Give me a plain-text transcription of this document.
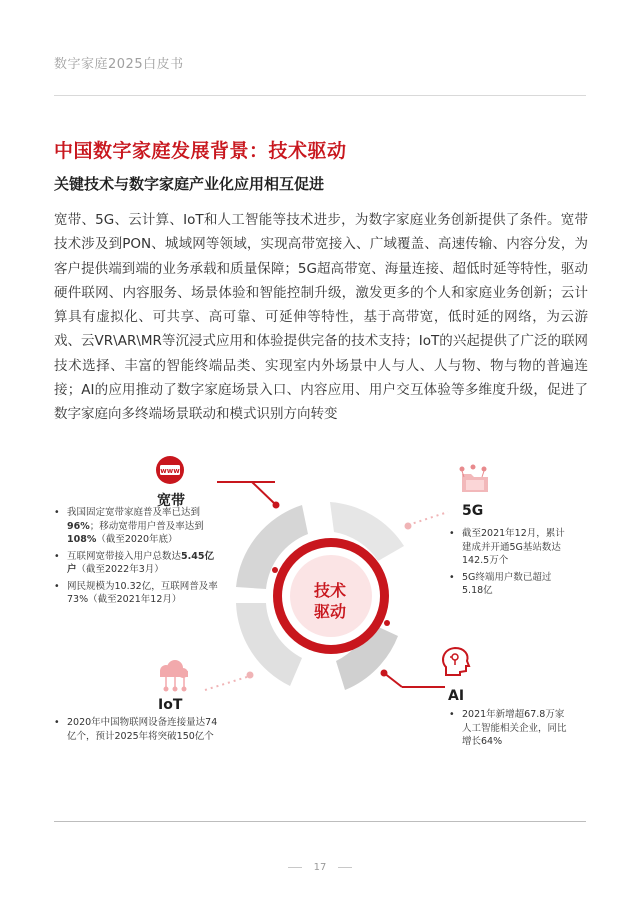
数字家庭2025白皮书
中国数字家庭发展背景：技术驱动
关键技术与数字家庭产业化应用相互促进

宽带、5G、云计算、IoT和人工智能等技术进步，为数字家庭业务创新提供了条件。宽带技术涉及到PON、城域网等领域，实现高带宽接入、广域覆盖、高速传输、内容分发，为客户提供端到端的业务承载和质量保障；5G超高带宽、海量连接、超低时延等特性，驱动硬件联网、内容服务、场景体验和智能控制升级，激发更多的个人和家庭业务创新；云计算具有虚拟化、可共享、高可靠、可延伸等特性，基于高带宽，低时延的网络，为云游戏、云VR\AR\MR等沉浸式应用和体验提供完备的技术支持；IoT的兴起提供了广泛的联网技术选择、丰富的智能终端品类、实现室内外场景中人与人、人与物、物与物的普遍连接；AI的应用推动了数字家庭场景入口、内容应用、用户交互体验等多维度升级，促进了数字家庭向多终端场景联动和模式识别方向转变

www
技术
驱动
宽带
• 我国固定宽带家庭普及率已达到96%；移动宽带用户普及率达到108%（截至2020年底）
• 互联网宽带接入用户总数达5.45亿户（截至2022年3月）
• 网民规模为10.32亿，互联网普及率73%（截至2021年12月）
5G
• 截至2021年12月，累计建成并开通5G基站数达142.5万个
• 5G终端用户数已超过5.18亿
IoT
• 2020年中国物联网设备连接量达74亿个，预计2025年将突破150亿个
AI
• 2021年新增超67.8万家人工智能相关企业，同比增长64%
17
